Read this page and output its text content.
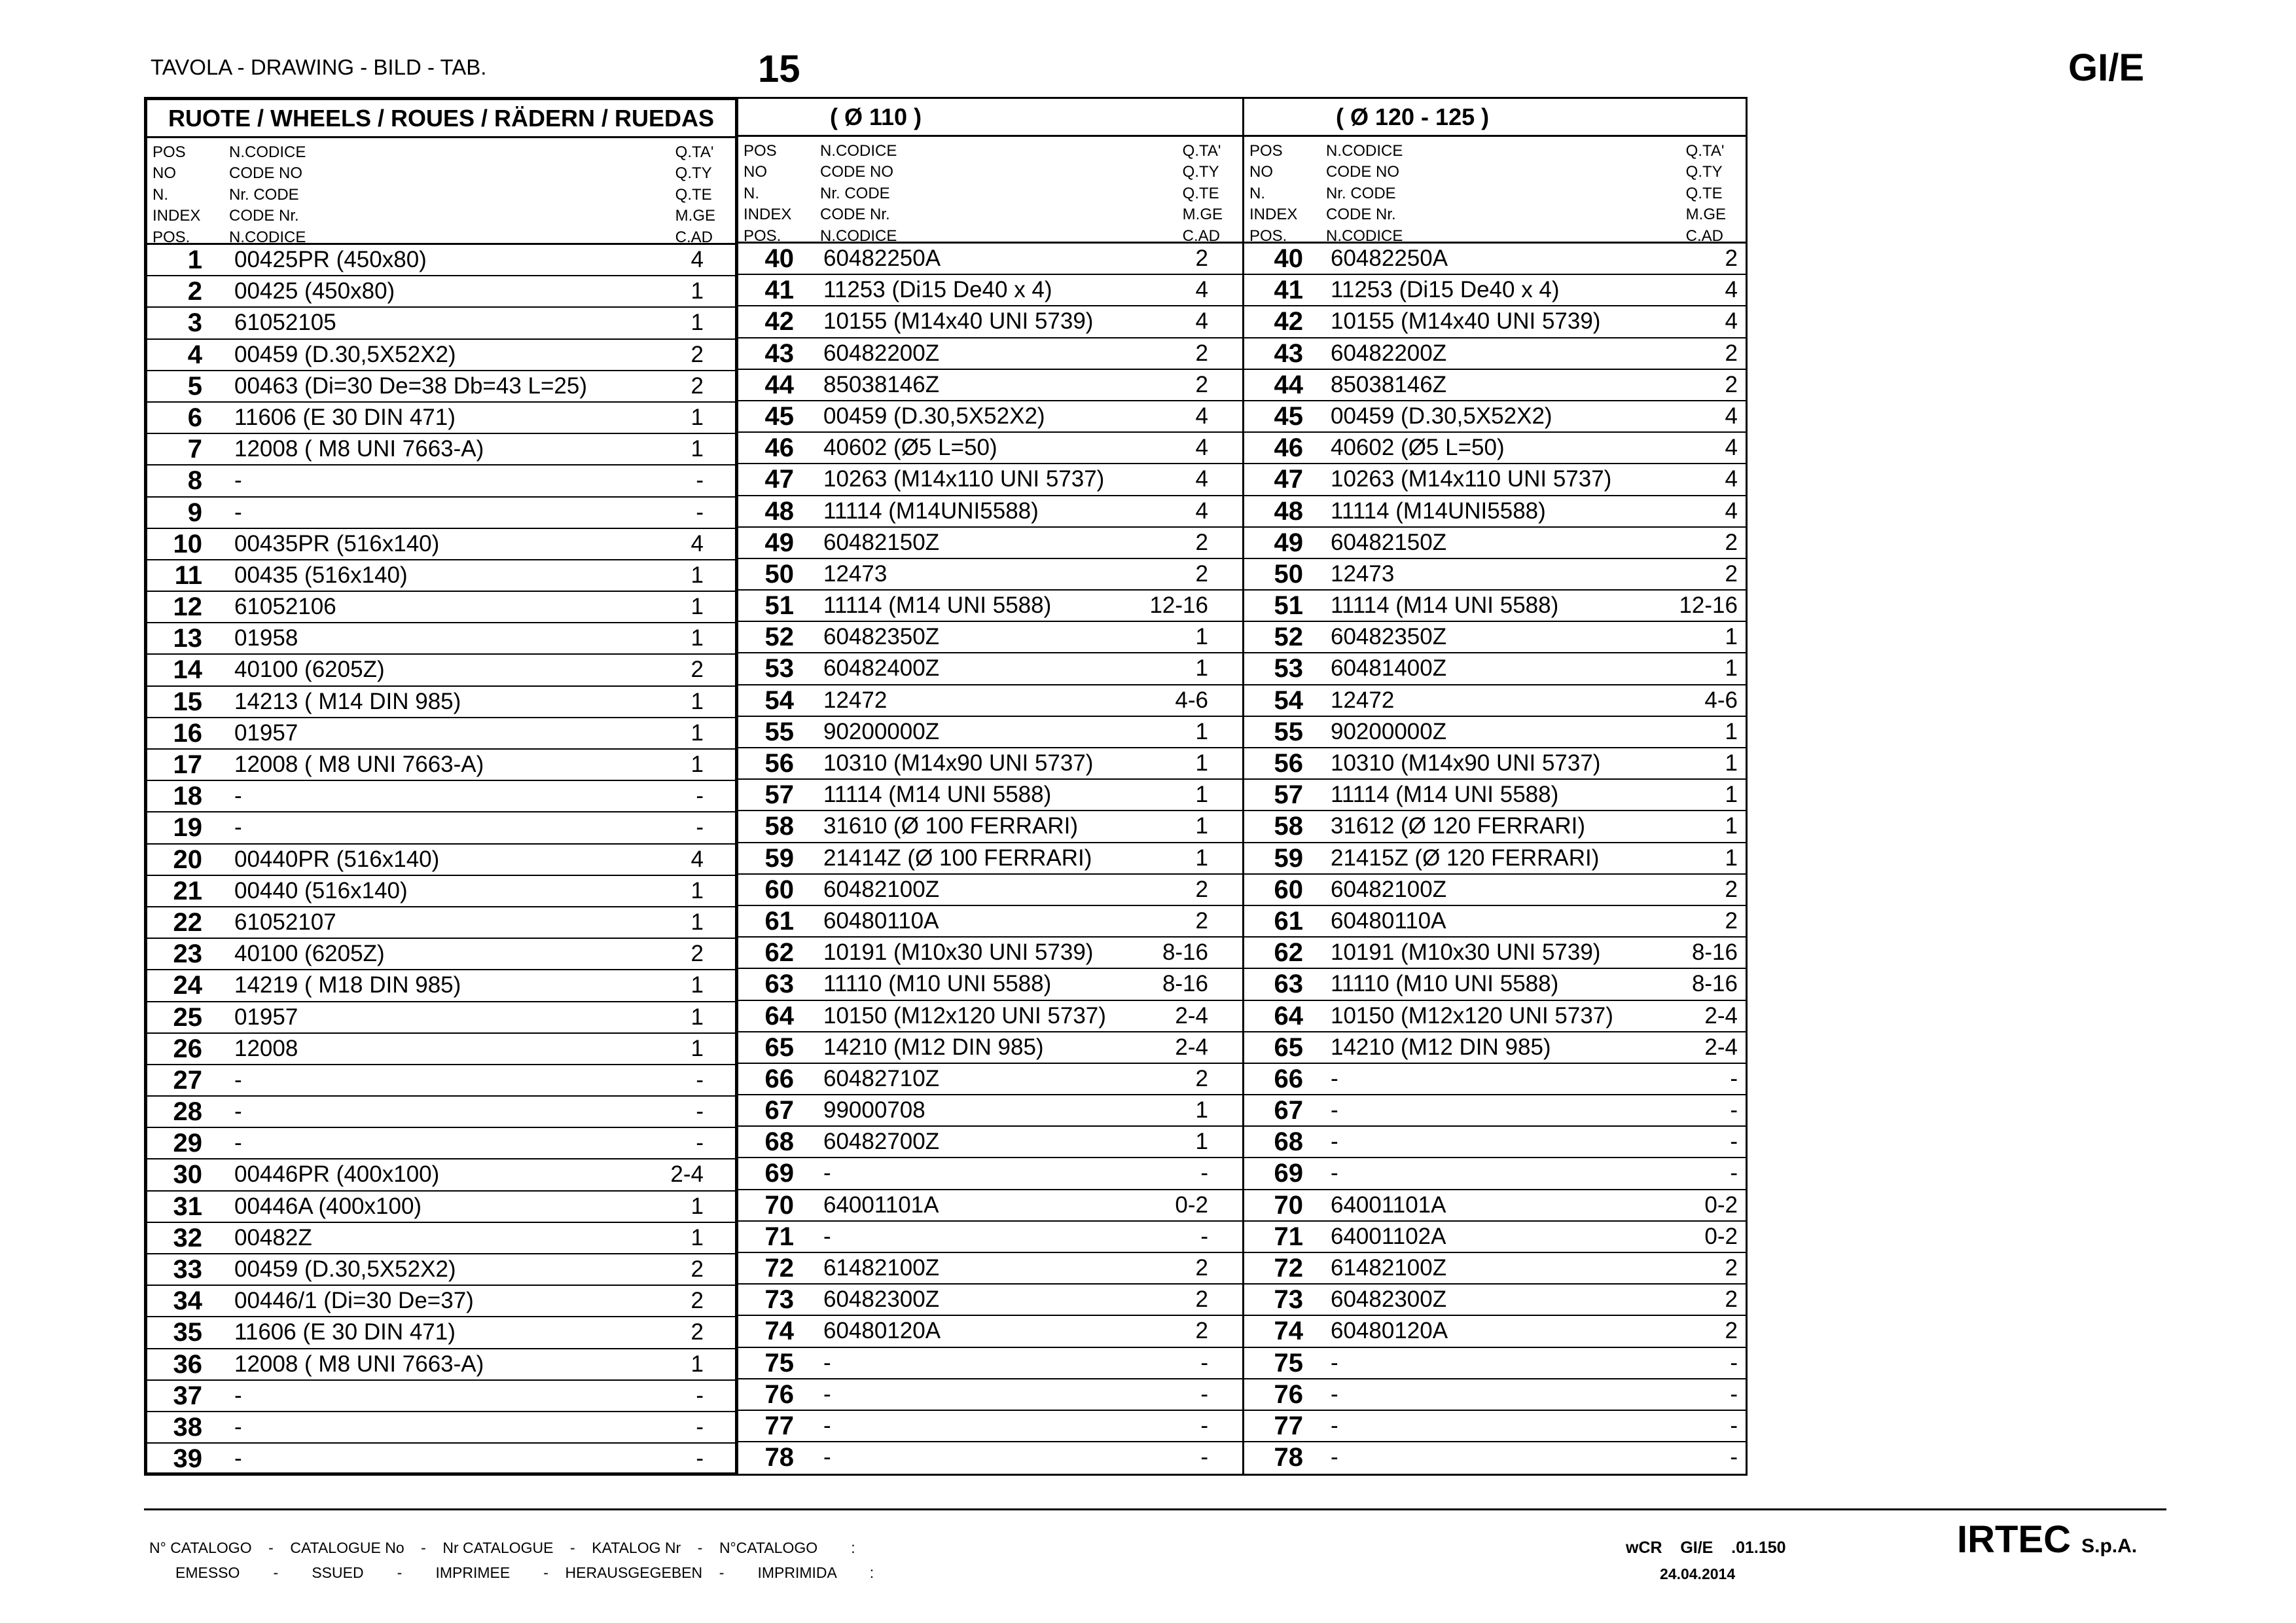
TAVOLA - DRAWING - BILD - TAB.	15	GI/E
RUOTE / WHEELS / ROUES / RÄDERN / RUEDAS
POS
NO
N.
INDEX
POS.
N.CODICE
CODE NO
Nr. CODE
CODE Nr.
N.CODICE
Q.TA'
Q.TY
Q.TE
M.GE
C.AD
1 00425PR (450x80)	4
2 00425 (450x80)	1
3 61052105	1
4 00459 (D.30,5X52X2)	2
5 00463 (Di=30 De=38 Db=43 L=25)	2
6 11606 (E 30 DIN 471)	1
7 12008 ( M8 UNI 7663-A)	1
8 -	-
9 -	-
10 00435PR (516x140)	4
11 00435 (516x140)	1
12 61052106	1
13 01958	1
14 40100 (6205Z)	2
15 14213 ( M14 DIN 985)	1
16 01957	1
17 12008 ( M8 UNI 7663-A)	1
18 -	-
19 -	-
20 00440PR (516x140)	4
21 00440 (516x140)	1
22 61052107	1
23 40100 (6205Z)	2
24 14219 ( M18 DIN 985)	1
25 01957	1
26 12008	1
27 -	-
28 -	-
29 -	-
30 00446PR (400x100)	2-4
31 00446A (400x100)	1
32 00482Z	1
33 00459 (D.30,5X52X2)	2
34 00446/1 (Di=30 De=37)	2
35 11606 (E 30 DIN 471)	2
36 12008 ( M8 UNI 7663-A)	1
37 -	-
38 -	-
39 -	-
( Ø 110 )
POS
NO
N.
INDEX
POS.
N.CODICE
CODE NO
Nr. CODE
CODE Nr.
N.CODICE
Q.TA'
Q.TY
Q.TE
M.GE
C.AD
40 60482250A	2
41 11253 (Di15 De40 x 4)	4
42 10155 (M14x40 UNI 5739)	4
43 60482200Z	2
44 85038146Z	2
45 00459 (D.30,5X52X2)	4
46 40602 (Ø5 L=50)	4
47 10263 (M14x110 UNI 5737)	4
48 11114 (M14UNI5588)	4
49 60482150Z	2
50 12473	2
51 11114 (M14 UNI 5588)	12-16
52 60482350Z	1
53 60482400Z	1
54 12472	4-6
55 90200000Z	1
56 10310 (M14x90 UNI 5737)	1
57 11114 (M14 UNI 5588)	1
58 31610 (Ø 100 FERRARI)	1
59 21414Z (Ø 100 FERRARI)	1
60 60482100Z	2
61 60480110A	2
62 10191 (M10x30 UNI 5739)	8-16
63 11110 (M10 UNI 5588)	8-16
64 10150 (M12x120 UNI 5737)	2-4
65 14210 (M12 DIN 985)	2-4
66 60482710Z	2
67 99000708	1
68 60482700Z	1
69 -	-
70 64001101A	0-2
71 -	-
72 61482100Z	2
73 60482300Z	2
74 60480120A	2
75 -	-
76 -	-
77 -	-
78 -	-
( Ø 120 - 125 )
POS
NO
N.
INDEX
POS.
N.CODICE
CODE NO
Nr. CODE
CODE Nr.
N.CODICE
Q.TA'
Q.TY
Q.TE
M.GE
C.AD
40 60482250A	2
41 11253 (Di15 De40 x 4)	4
42 10155 (M14x40 UNI 5739)	4
43 60482200Z	2
44 85038146Z	2
45 00459 (D.30,5X52X2)	4
46 40602 (Ø5 L=50)	4
47 10263 (M14x110 UNI 5737)	4
48 11114 (M14UNI5588)	4
49 60482150Z	2
50 12473	2
51 11114 (M14 UNI 5588)	12-16
52 60482350Z	1
53 60481400Z	1
54 12472	4-6
55 90200000Z	1
56 10310 (M14x90 UNI 5737)	1
57 11114 (M14 UNI 5588)	1
58 31612 (Ø 120 FERRARI)	1
59 21415Z (Ø 120 FERRARI)	1
60 60482100Z	2
61 60480110A	2
62 10191 (M10x30 UNI 5739)	8-16
63 11110 (M10 UNI 5588)	8-16
64 10150 (M12x120 UNI 5737)	2-4
65 14210 (M12 DIN 985)	2-4
66 -	-
67 -	-
68 -	-
69 -	-
70 64001101A	0-2
71 64001102A	0-2
72 61482100Z	2
73 60482300Z	2
74 60480120A	2
75 -	-
76 -	-
77 -	-
78 -	-
N° CATALOGO    -    CATALOGUE No    -    Nr CATALOGUE    -    KATALOG Nr    -    N°CATALOGO        :
EMESSO        -        SSUED        -        IMPRIMEE        -    HERAUSGEGEBEN    -        IMPRIMIDA        :
wCR    GI/E    .01.150
24.04.2014
IRTEC S.p.A.
